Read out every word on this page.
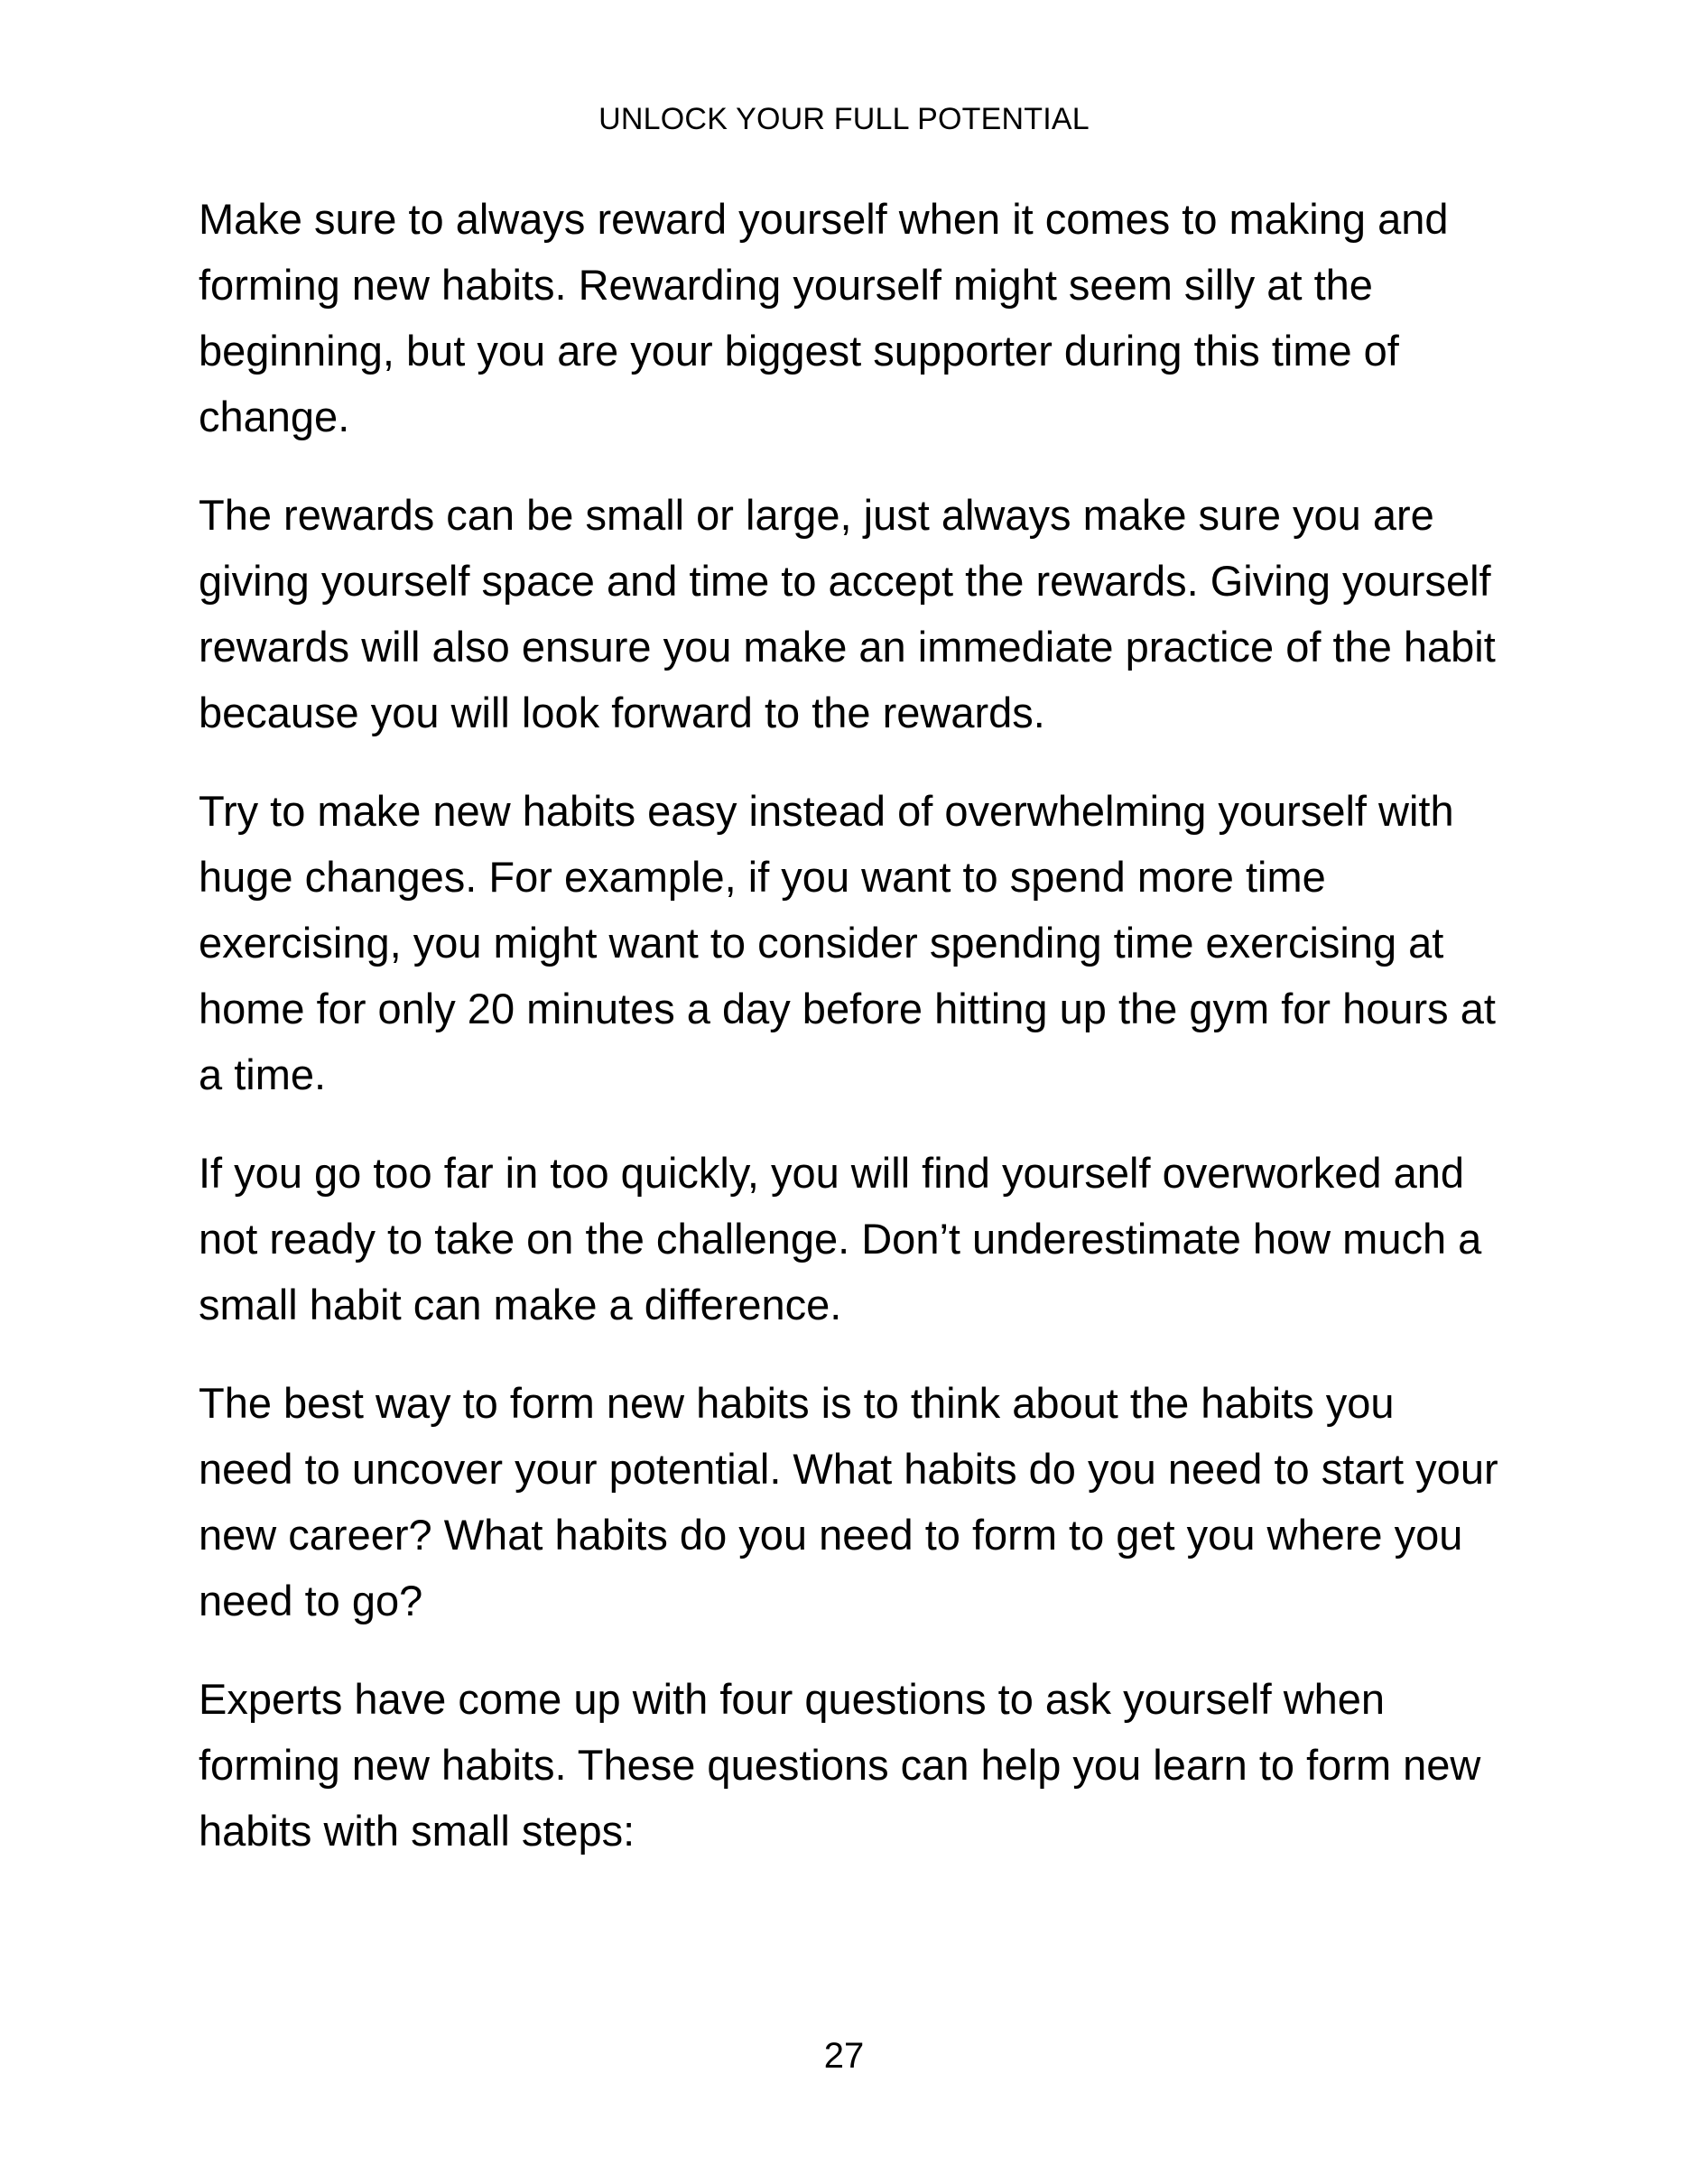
UNLOCK YOUR FULL POTENTIAL

Make sure to always reward yourself when it comes to making and forming new habits. Rewarding yourself might seem silly at the beginning, but you are your biggest supporter during this time of change.

The rewards can be small or large, just always make sure you are giving yourself space and time to accept the rewards. Giving yourself rewards will also ensure you make an immediate practice of the habit because you will look forward to the rewards.

Try to make new habits easy instead of overwhelming yourself with huge changes. For example, if you want to spend more time exercising, you might want to consider spending time exercising at home for only 20 minutes a day before hitting up the gym for hours at a time.

If you go too far in too quickly, you will find yourself overworked and not ready to take on the challenge. Don’t underestimate how much a small habit can make a difference.

The best way to form new habits is to think about the habits you need to uncover your potential. What habits do you need to start your new career? What habits do you need to form to get you where you need to go?

Experts have come up with four questions to ask yourself when forming new habits. These questions can help you learn to form new habits with small steps:

27
